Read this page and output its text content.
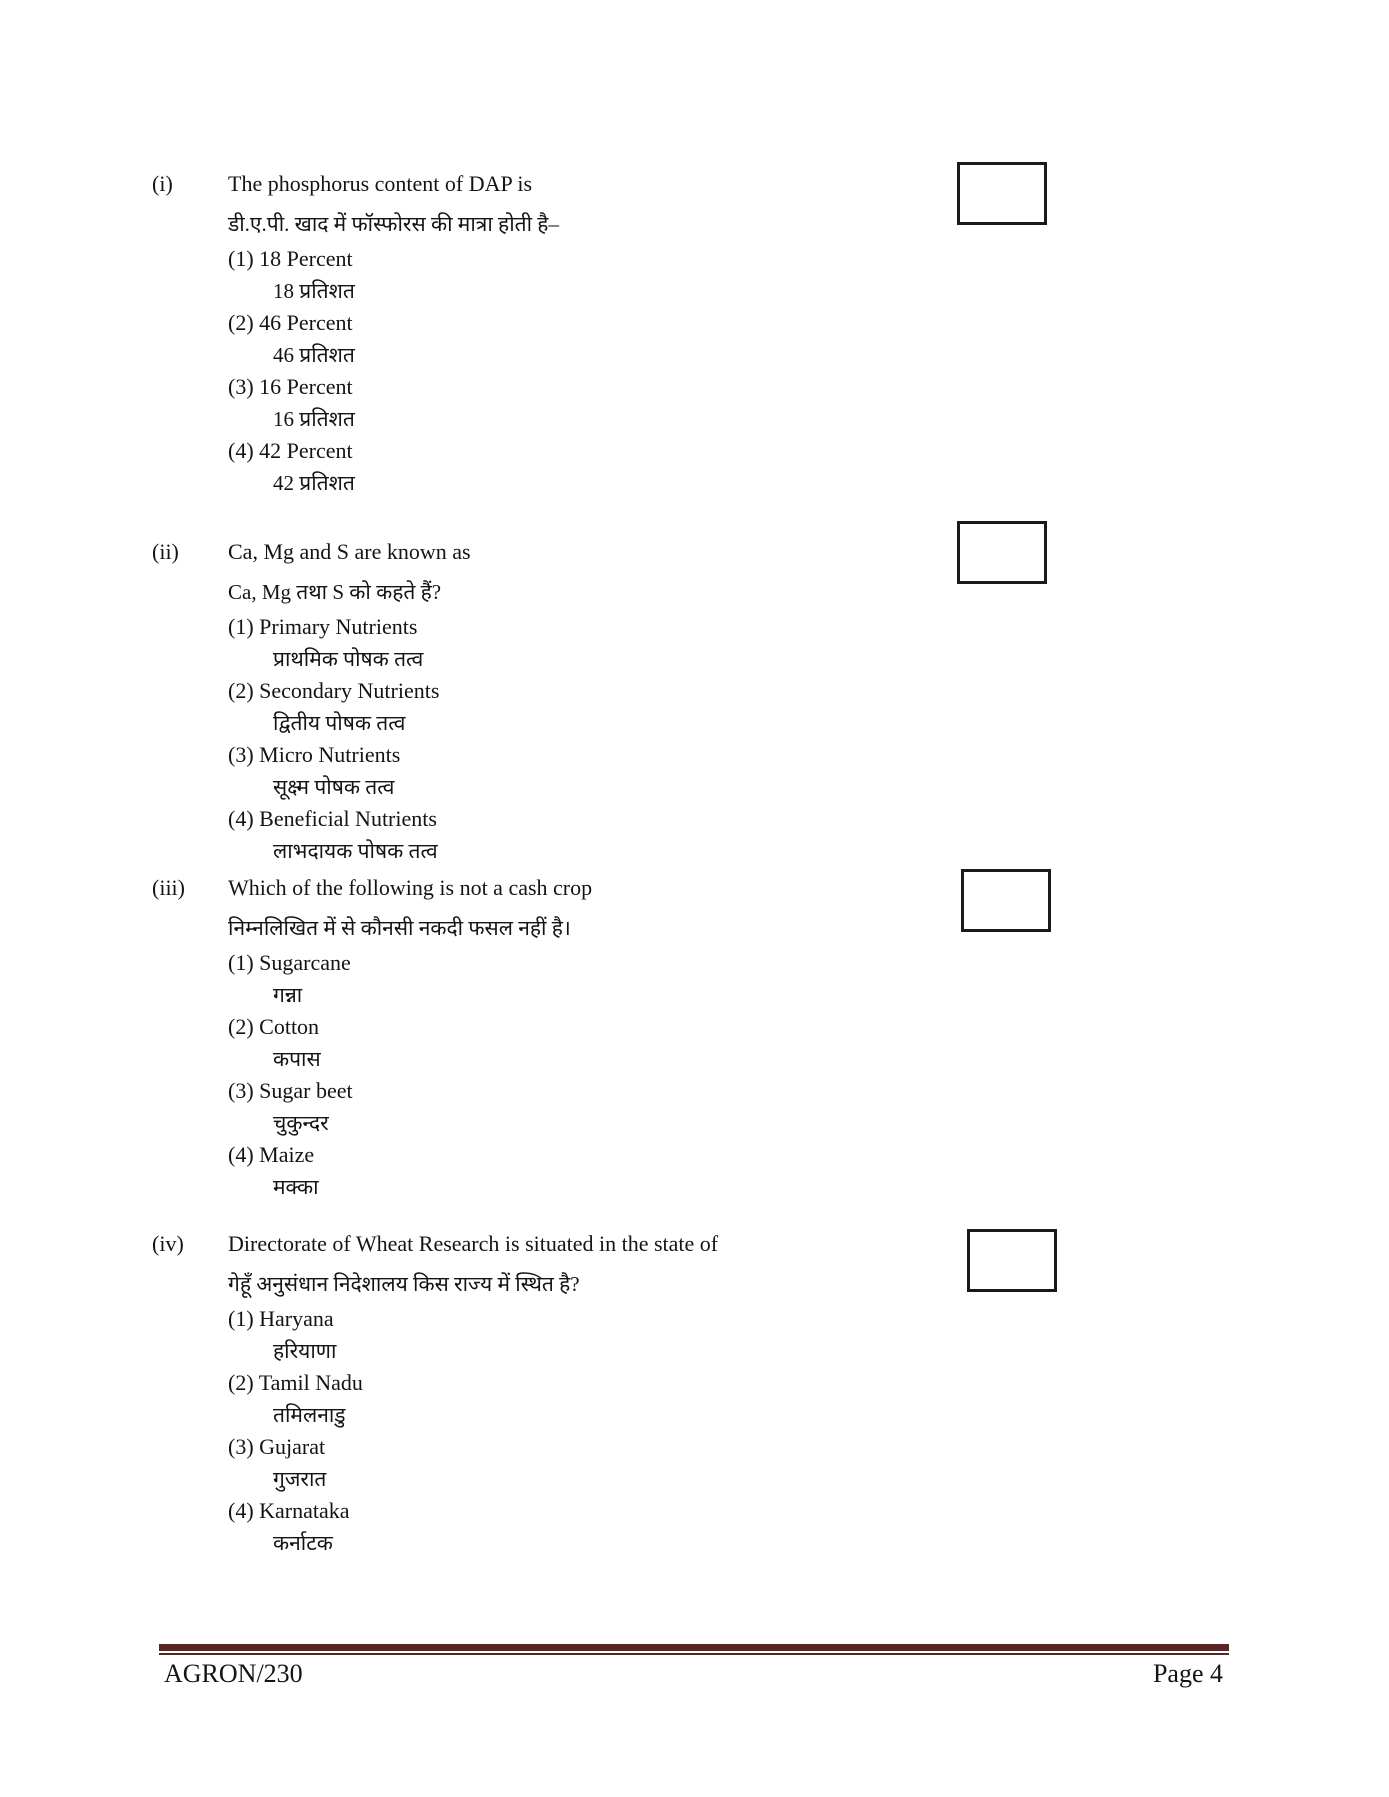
(i)	The phosphorus content of DAP is
डी.ए.पी. खाद में फॉस्फोरस की मात्रा होती है–
(1) 18 Percent
18 प्रतिशत
(2) 46 Percent
46 प्रतिशत
(3) 16 Percent
16 प्रतिशत
(4) 42 Percent
42 प्रतिशत
(ii) Ca, Mg and S are known as
Ca, Mg तथा S को कहते हैं?
(1) Primary Nutrients
प्राथमिक पोषक तत्व
(2) Secondary Nutrients
द्वितीय पोषक तत्व
(3) Micro Nutrients
सूक्ष्म पोषक तत्व
(4) Beneficial Nutrients
लाभदायक पोषक तत्व
(iii) Which of the following is not a cash crop
निम्नलिखित में से कौनसी नकदी फसल नहीं है।
(1) Sugarcane
गन्ना
(2) Cotton
कपास
(3) Sugar beet
चुकुन्दर
(4) Maize
मक्का
(iv) Directorate of Wheat Research is situated in the state of
गेहूँ अनुसंधान निदेशालय किस राज्य में स्थित है?
(1) Haryana
हरियाणा
(2) Tamil Nadu
तमिलनाडु
(3) Gujarat
गुजरात
(4) Karnataka
कर्नाटक
AGRON/230	Page 4
